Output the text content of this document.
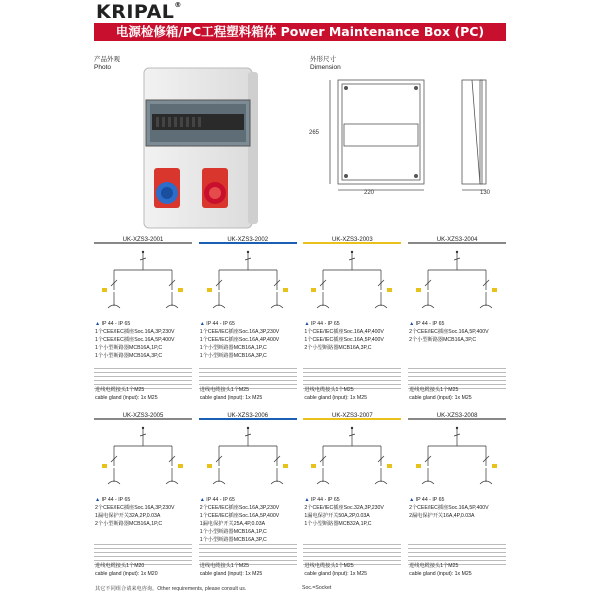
KRIPAL®
电源检修箱/PC工程塑料箱体 Power Maintenance Box (PC)
产品外观
Photo
外形尺寸
Dimension
265
220	130
UK-XZS3-2001
▲ IP 44 - IP 65
1个CEE/IEC插座Soc.16A,3P,230V
1个CEE/IEC插座Soc.16A,5P,400V
1个小型断路器MCB16A,1P,C
1个小型断路器MCB16A,3P,C
进线电缆接头1个M25
cable gland (input): 1x M25
UK-XZS3-2002
▲ IP 44 - IP 65
1个CEE/IEC插座Soc.16A,3P,230V
1个CEE/IEC插座Soc.16A,4P,400V
1个小型断路器MCB16A,1P,C
1个小型断路器MCB16A,3P,C
进线电缆接头1个M25
cable gland (input): 1x M25
UK-XZS3-2003
▲ IP 44 - IP 65
1个CEE/IEC插座Soc.16A,4P,400V
1个CEE/IEC插座Soc.16A,5P,400V
2个小型断路器MCB16A,3P,C
进线电缆接头1个M25
cable gland (input): 1x M25
UK-XZS3-2004
▲ IP 44 - IP 65
2个CEE/IEC插座Soc.16A,5P,400V
2个小型断路器MCB16A,3P,C
进线电缆接头1个M25
cable gland (input): 1x M25
UK-XZS3-2005
▲ IP 44 - IP 65
2个CEE/IEC插座Soc.16A,3P,230V
1漏电保护开关32A,2P,0.03A
2个小型断路器MCB16A,1P,C
进线电缆接头1个M20
cable gland (input): 1x M20
UK-XZS3-2006
▲ IP 44 - IP 65
2个CEE/IEC插座Soc.16A,3P,230V
1个CEE/IEC插座Soc.16A,5P,400V
1漏电保护开关25A,4P,0.03A
1个小型断路器MCB16A,1P,C
1个小型断路器MCB16A,3P,C
进线电缆接头1个M25
cable gland (input): 1x M25
UK-XZS3-2007
▲ IP 44 - IP 65
2个CEE/IEC插座Soc.32A,3P,230V
1漏电保护开关50A,2P,0.03A
1个小型断路器MCB32A,1P,C
进线电缆接头1个M25
cable gland (input): 1x M25
UK-XZS3-2008
▲ IP 44 - IP 65
2个CEE/IEC插座Soc.16A,5P,400V
2漏电保护开关16A,4P,0.03A
进线电缆接头1个M25
cable gland (input): 1x M25
其它不同组合请来电咨询。Other requirements, please consult us.	Soc.=Socket
